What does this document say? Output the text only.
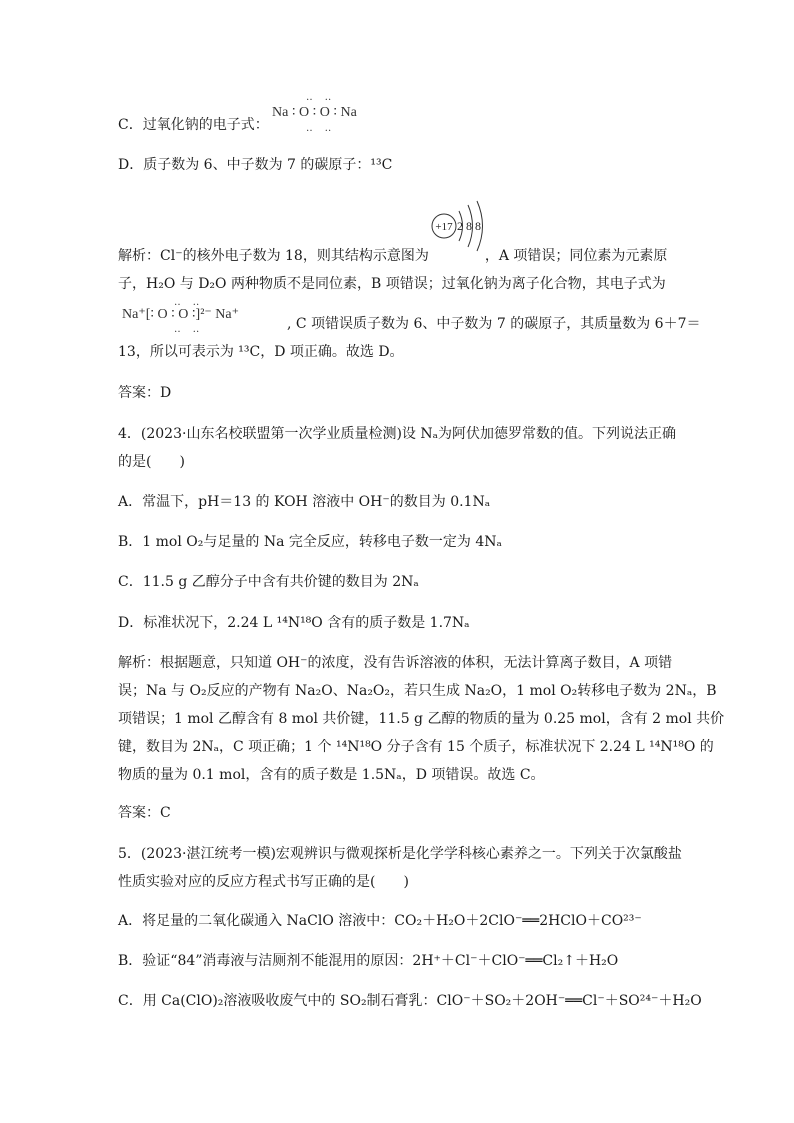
C．过氧化钠的电子式：
‥　‥
Na ∶ O ∶ O ∶ Na
‥　‥
D．质子数为 6、中子数为 7 的碳原子：¹³C
+17 2 8 8
解析：Cl⁻的核外电子数为 18，则其结构示意图为	，A 项错误；同位素为元素原
子，H₂O 与 D₂O 两种物质不是同位素，B 项错误；过氧化钠为离子化合物，其电子式为
‥　‥
Na⁺[∶ O ∶ O ∶]²⁻ Na⁺
‥　‥	, C 项错误质子数为 6、中子数为 7 的碳原子，其质量数为 6＋7＝
13，所以可表示为 ¹³C，D 项正确。故选 D。
答案：D
4．(2023·山东名校联盟第一次学业质量检测)设 Nₐ为阿伏加德罗常数的值。下列说法正确
的是(　　)
A．常温下，pH＝13 的 KOH 溶液中 OH⁻的数目为 0.1Nₐ
B．1 mol O₂与足量的 Na 完全反应，转移电子数一定为 4Nₐ
C．11.5 g 乙醇分子中含有共价键的数目为 2Nₐ
D．标准状况下，2.24 L ¹⁴N¹⁸O 含有的质子数是 1.7Nₐ
解析：根据题意，只知道 OH⁻的浓度，没有告诉溶液的体积，无法计算离子数目，A 项错
误；Na 与 O₂反应的产物有 Na₂O、Na₂O₂，若只生成 Na₂O，1 mol O₂转移电子数为 2Nₐ，B
项错误；1 mol 乙醇含有 8 mol 共价键，11.5 g 乙醇的物质的量为 0.25 mol，含有 2 mol 共价
键，数目为 2Nₐ，C 项正确；1 个 ¹⁴N¹⁸O 分子含有 15 个质子，标准状况下 2.24 L ¹⁴N¹⁸O 的
物质的量为 0.1 mol，含有的质子数是 1.5Nₐ，D 项错误。故选 C。
答案：C
5．(2023·湛江统考一模)宏观辨识与微观探析是化学学科核心素养之一。下列关于次氯酸盐
性质实验对应的反应方程式书写正确的是(　　)
A．将足量的二氧化碳通入 NaClO 溶液中：CO₂＋H₂O＋2ClO⁻══2HClO＋CO²³⁻
B．验证“84”消毒液与洁厕剂不能混用的原因：2H⁺＋Cl⁻＋ClO⁻══Cl₂↑＋H₂O
C．用 Ca(ClO)₂溶液吸收废气中的 SO₂制石膏乳：ClO⁻＋SO₂＋2OH⁻══Cl⁻＋SO²⁴⁻＋H₂O
